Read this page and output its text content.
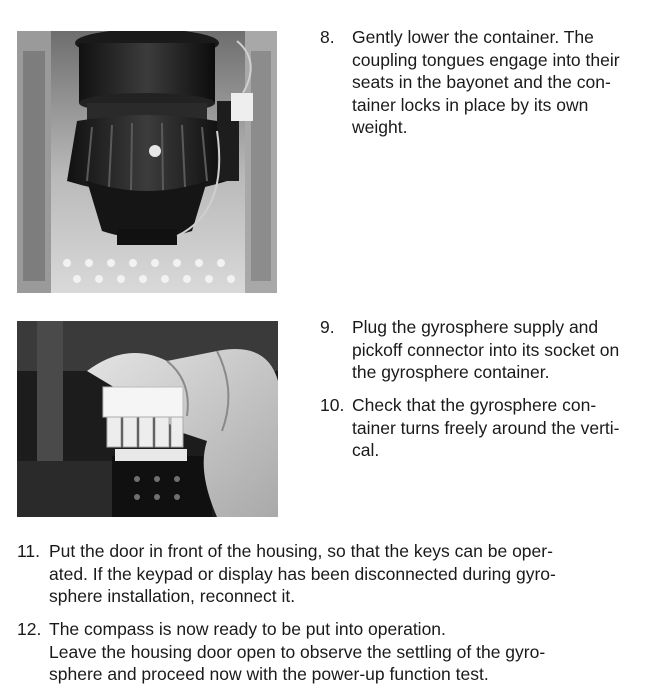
8. Gently lower the container. The
coupling tongues engage into their
seats in the bayonet and the con-
tainer locks in place by its own
weight.
9. Plug the gyrosphere supply and
pickoff connector into its socket on
the gyrosphere container.
10. Check that the gyrosphere con-
tainer turns freely around the verti-
cal.
11. Put the door in front of the housing, so that the keys can be oper-
ated. If the keypad or display has been disconnected during gyro-
sphere installation, reconnect it.
12. The compass is now ready to be put into operation.
Leave the housing door open to observe the settling of the gyro-
sphere and proceed now with the power-up function test.
